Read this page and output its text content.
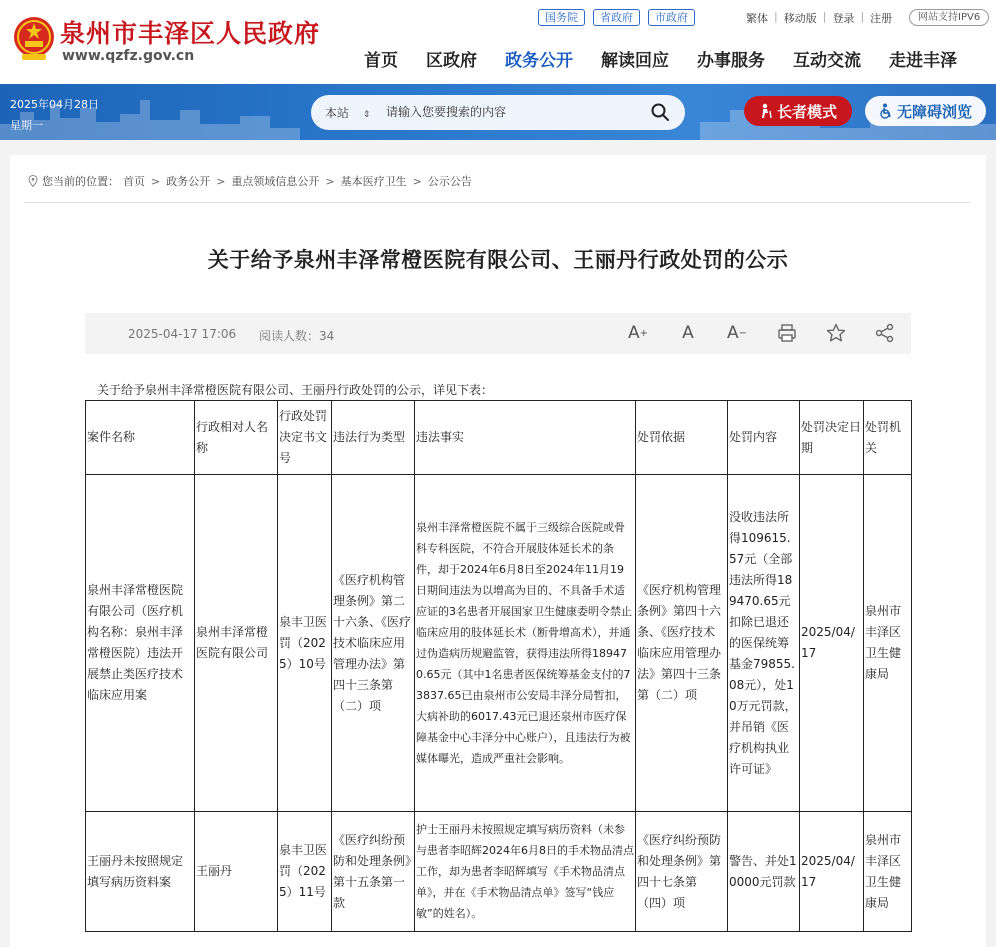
泉州市丰泽区人民政府
www.qzfz.gov.cn
国务院	省政府	市政府	繁体 | 移动版 | 登录 | 注册	网站支持IPV6
首页	区政府	政务公开	解读回应	办事服务	互动交流	走进丰泽
2025年04月28日
星期一
本站 ⇕
请输入您要搜索的内容	长者模式	无障碍浏览
您当前的位置： 首页 > 政务公开 > 重点领域信息公开 > 基本医疗卫生 > 公示公告
关于给予泉州丰泽常橙医院有限公司、王丽丹行政处罚的公示
2025-04-17 17:06 阅读人数：34	A +	A	A −
关于给予泉州丰泽常橙医院有限公司、王丽丹行政处罚的公示，详见下表：
案件名称	行政相对人名称	行政处罚决定书文号	违法行为类型	违法事实	处罚依据	处罚内容	处罚决定日期	处罚机关
泉州丰泽常橙医院有限公司（医疗机构名称：泉州丰泽常橙医院）违法开展禁止类医疗技术临床应用案	泉州丰泽常橙医院有限公司	泉丰卫医罚（2025）10号	《医疗机构管理条例》第二十六条、《医疗技术临床应用管理办法》第四十三条第（二）项	泉州丰泽常橙医院不属于三级综合医院或骨科专科医院，不符合开展肢体延长术的条件，却于2024年6月8日至2024年11月19日期间违法为以增高为目的、不具备手术适应证的3名患者开展国家卫生健康委明令禁止临床应用的肢体延长术（断骨增高术），并通过伪造病历规避监管，获得违法所得189470.65元（其中1名患者医保统筹基金支付的73837.65已由泉州市公安局丰泽分局暂扣，大病补助的6017.43元已退还泉州市医疗保障基金中心丰泽分中心账户），且违法行为被媒体曝光，造成严重社会影响。	《医疗机构管理条例》第四十六条、《医疗技术临床应用管理办法》第四十三条第（二）项	没收违法所得109615.57元（全部违法所得189470.65元扣除已退还的医保统筹基金79855.08元），处10万元罚款，并吊销《医疗机构执业许可证》	2025/04/17	泉州市丰泽区卫生健康局
王丽丹未按照规定填写病历资料案	王丽丹	泉丰卫医罚（2025）11号	《医疗纠纷预防和处理条例》第十五条第一款	护士王丽丹未按照规定填写病历资料（未参与患者李昭辉2024年6月8日的手术物品清点工作，却为患者李昭辉填写《手术物品清点单》，并在《手术物品清点单》签写“钱应敏”的姓名）。	《医疗纠纷预防和处理条例》第四十七条第（四）项	警告、并处10000元罚款	2025/04/17	泉州市丰泽区卫生健康局
